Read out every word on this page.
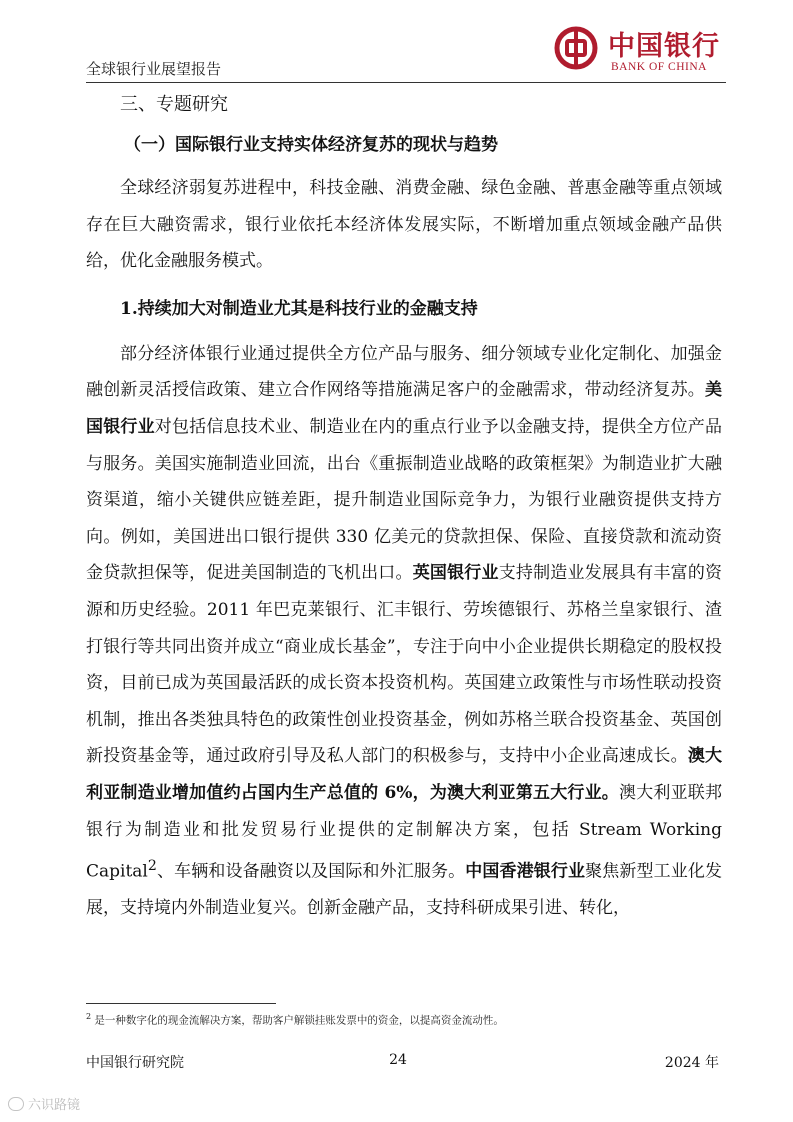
全球银行业展望报告
中国银行
BANK OF CHINA
三、专题研究
（一）国际银行业支持实体经济复苏的现状与趋势

全球经济弱复苏进程中，科技金融、消费金融、绿色金融、普惠金融等重点领域存在巨大融资需求，银行业依托本经济体发展实际，不断增加重点领域金融产品供给，优化金融服务模式。

1.持续加大对制造业尤其是科技行业的金融支持

部分经济体银行业通过提供全方位产品与服务、细分领域专业化定制化、加强金融创新灵活授信政策、建立合作网络等措施满足客户的金融需求，带动经济复苏。美国银行业对包括信息技术业、制造业在内的重点行业予以金融支持，提供全方位产品与服务。美国实施制造业回流，出台《重振制造业战略的政策框架》为制造业扩大融资渠道，缩小关键供应链差距，提升制造业国际竞争力，为银行业融资提供支持方向。例如，美国进出口银行提供 330 亿美元的贷款担保、保险、直接贷款和流动资金贷款担保等，促进美国制造的飞机出口。英国银行业支持制造业发展具有丰富的资源和历史经验。2011 年巴克莱银行、汇丰银行、劳埃德银行、苏格兰皇家银行、渣打银行等共同出资并成立“商业成长基金”，专注于向中小企业提供长期稳定的股权投资，目前已成为英国最活跃的成长资本投资机构。英国建立政策性与市场性联动投资机制，推出各类独具特色的政策性创业投资基金，例如苏格兰联合投资基金、英国创新投资基金等，通过政府引导及私人部门的积极参与，支持中小企业高速成长。澳大利亚制造业增加值约占国内生产总值的 6%，为澳大利亚第五大行业。澳大利亚联邦银行为制造业和批发贸易行业提供的定制解决方案，包括 Stream Working Capital$^2$、车辆和设备融资以及国际和外汇服务。中国香港银行业聚焦新型工业化发展，支持境内外制造业复兴。创新金融产品，支持科研成果引进、转化，

$^2$ 是一种数字化的现金流解决方案，帮助客户解锁挂账发票中的资金，以提高资金流动性。
中国银行研究院	24	2024 年
六识路镜
